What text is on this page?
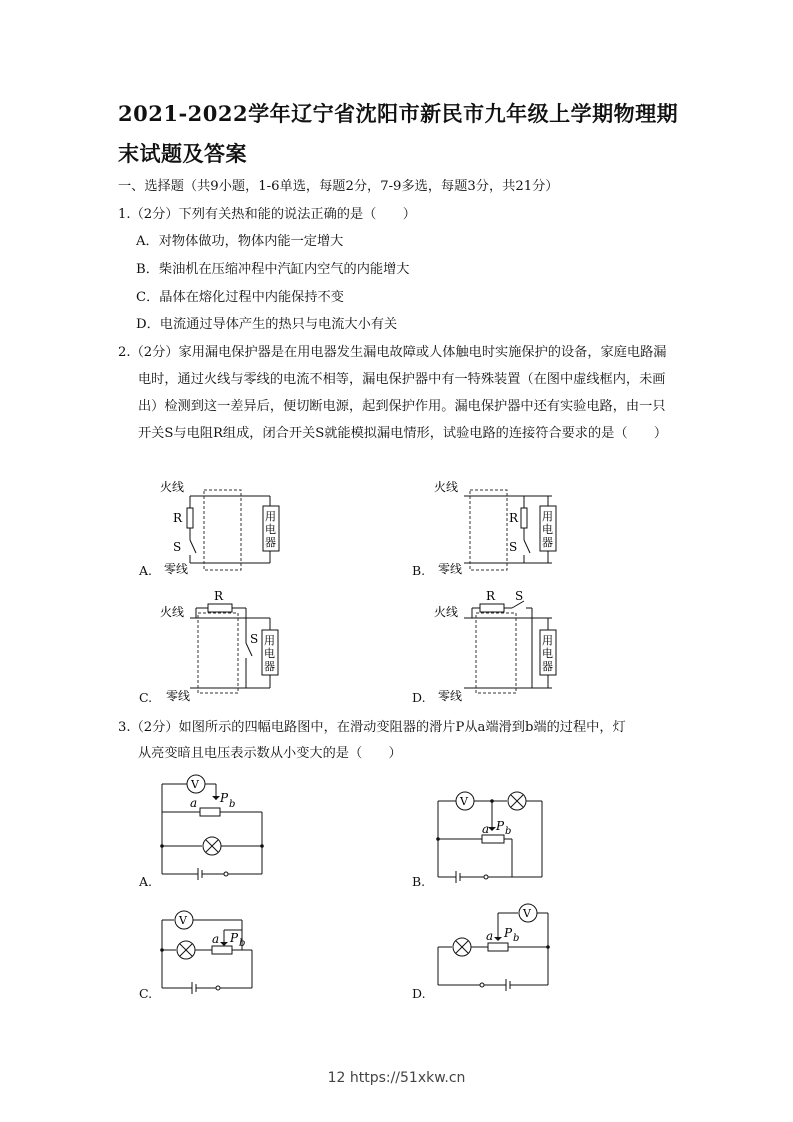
2021-2022学年辽宁省沈阳市新民市九年级上学期物理期末试题及答案
一、选择题（共9小题，1-6单选，每题2分，7-9多选，每题3分，共21分）
1.（2分）下列有关热和能的说法正确的是（　　）
A．对物体做功，物体内能一定增大
B．柴油机在压缩冲程中汽缸内空气的内能增大
C．晶体在熔化过程中内能保持不变
D．电流通过导体产生的热只与电流大小有关
2.（2分）家用漏电保护器是在用电器发生漏电故障或人体触电时实施保护的设备，家庭电路漏电时，通过火线与零线的电流不相等，漏电保护器中有一特殊装置（在图中虚线框内，未画出）检测到这一差异后，便切断电源，起到保护作用。漏电保护器中还有实验电路，由一只开关S与电阻R组成，闭合开关S就能模拟漏电情形，试验电路的连接符合要求的是（　　）
火线
R
S
零线
用
电
器
A.
火线
R
S
零线
用
电
器
B.
火线
R
S
零线
用
电
器
C.
火线
R S
零线
用
电
器
D.
3.（2分）如图所示的四幅电路图中，在滑动变阻器的滑片P从a端滑到b端的过程中，灯
从亮变暗且电压表示数从小变大的是（　　）
V
a P b
A.
V
a P b
B.
V
a P b
C.
V
a P b
D.
12 https://51xkw.cn
